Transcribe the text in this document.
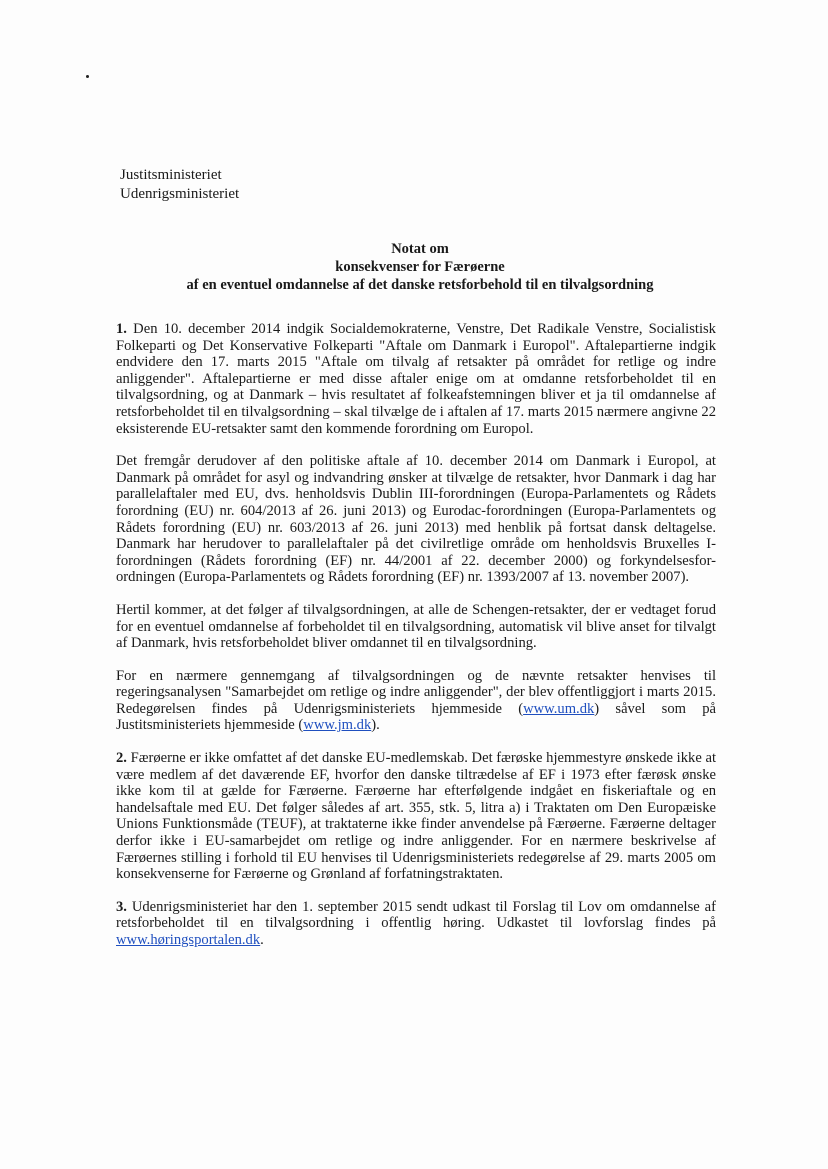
Justitsministeriet
Udenrigsministeriet
Notat om
konsekvenser for Færøerne
af en eventuel omdannelse af det danske retsforbehold til en tilvalgsordning

1. Den 10. december 2014 indgik Socialdemokraterne, Venstre, Det Radikale Venstre, Socialistisk Folkeparti og Det Konservative Folkeparti "Aftale om Danmark i Europol". Aftalepartierne indgik endvidere den 17. marts 2015 "Aftale om tilvalg af retsakter på området for retlige og indre anliggender". Aftalepartierne er med disse aftaler enige om at omdanne retsforbeholdet til en tilvalgsordning, og at Danmark – hvis resultatet af folkeafstemningen bliver et ja til omdannelse af retsforbeholdet til en tilvalgsordning – skal tilvælge de i aftalen af 17. marts 2015 nærmere angivne 22 eksisterende EU-retsakter samt den kommende forordning om Europol.

Det fremgår derudover af den politiske aftale af 10. december 2014 om Danmark i Europol, at Danmark på området for asyl og indvandring ønsker at tilvælge de retsakter, hvor Danmark i dag har parallelaftaler med EU, dvs. henholdsvis Dublin III-forordningen (Europa-Parlamentets og Rådets forordning (EU) nr. 604/2013 af 26. juni 2013) og Eurodac-forordningen (Europa-Parlamentets og Rådets forordning (EU) nr. 603/2013 af 26. juni 2013) med henblik på fortsat dansk deltagelse. Danmark har herudover to parallelaftaler på det civilretlige område om henholdsvis Bruxelles I-forordningen (Rådets forordning (EF) nr. 44/2001 af 22. december 2000) og forkyndelsesfor-ordningen (Europa-Parlamentets og Rådets forordning (EF) nr. 1393/2007 af 13. november 2007).

Hertil kommer, at det følger af tilvalgsordningen, at alle de Schengen-retsakter, der er vedtaget forud for en eventuel omdannelse af forbeholdet til en tilvalgsordning, automatisk vil blive anset for tilvalgt af Danmark, hvis retsforbeholdet bliver omdannet til en tilvalgsordning.

For en nærmere gennemgang af tilvalgsordningen og de nævnte retsakter henvises til regeringsanalysen "Samarbejdet om retlige og indre anliggender", der blev offentliggjort i marts 2015. Redegørelsen findes på Udenrigsministeriets hjemmeside (www.um.dk) såvel som på Justitsministeriets hjemmeside (www.jm.dk).

2. Færøerne er ikke omfattet af det danske EU-medlemskab. Det færøske hjemmestyre ønskede ikke at være medlem af det daværende EF, hvorfor den danske tiltrædelse af EF i 1973 efter færøsk ønske ikke kom til at gælde for Færøerne. Færøerne har efterfølgende indgået en fiskeriaftale og en handelsaftale med EU. Det følger således af art. 355, stk. 5, litra a) i Traktaten om Den Europæiske Unions Funktionsmåde (TEUF), at traktaterne ikke finder anvendelse på Færøerne. Færøerne deltager derfor ikke i EU-samarbejdet om retlige og indre anliggender. For en nærmere beskrivelse af Færøernes stilling i forhold til EU henvises til Udenrigsministeriets redegørelse af 29. marts 2005 om konsekvenserne for Færøerne og Grønland af forfatningstraktaten.

3. Udenrigsministeriet har den 1. september 2015 sendt udkast til Forslag til Lov om omdannelse af retsforbeholdet til en tilvalgsordning i offentlig høring. Udkastet til lovforslag findes på www.høringsportalen.dk.
